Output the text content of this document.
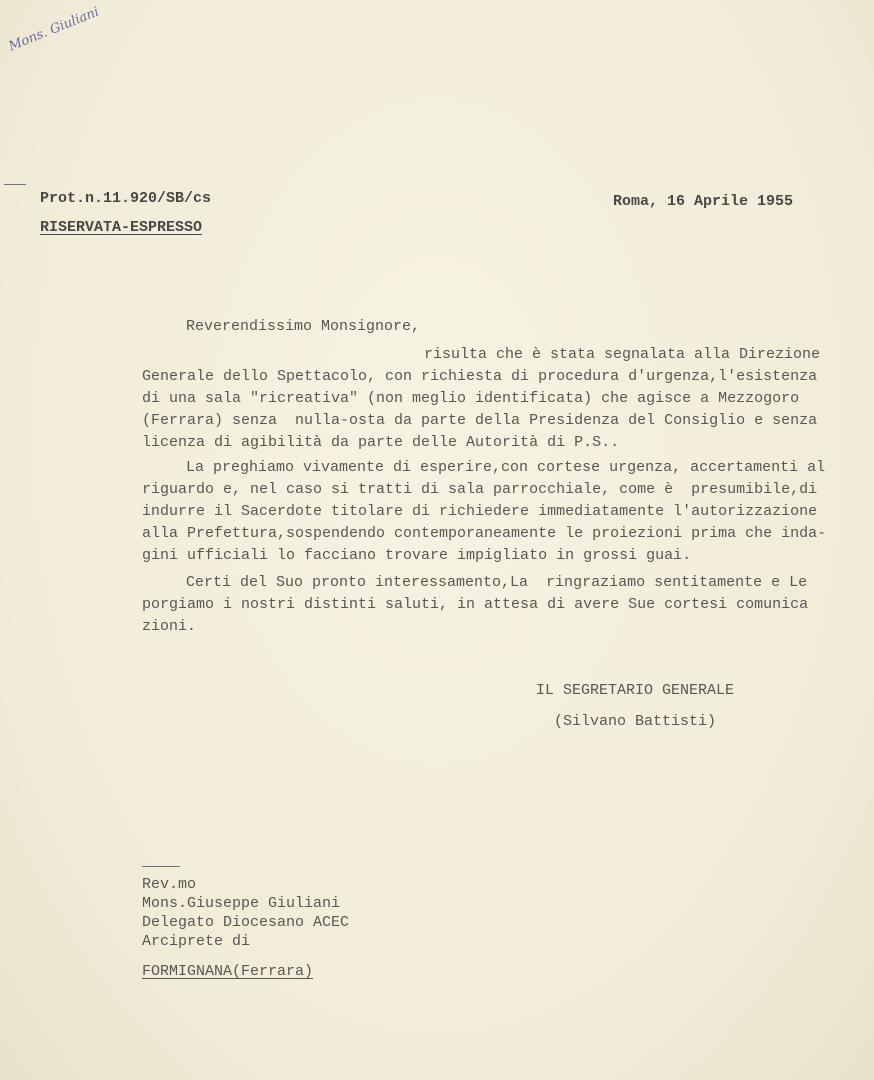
Mons. Giuliani
Prot.n.11.920/SB/cs
RISERVATA-ESPRESSO
Roma, 16 Aprile 1955
Reverendissimo Monsignore,
risulta che è stata segnalata alla Direzione
Generale dello Spettacolo, con richiesta di procedura d'urgenza,l'esistenza
di una sala "ricreativa" (non meglio identificata) che agisce a Mezzogoro
(Ferrara) senza  nulla-osta da parte della Presidenza del Consiglio e senza
licenza di agibilità da parte delle Autorità di P.S..
La preghiamo vivamente di esperire,con cortese urgenza, accertamenti al
riguardo e, nel caso si tratti di sala parrocchiale, come è  presumibile,di
indurre il Sacerdote titolare di richiedere immediatamente l'autorizzazione
alla Prefettura,sospendendo contemporaneamente le proiezioni prima che inda-
gini ufficiali lo facciano trovare impigliato in grossi guai.
Certi del Suo pronto interessamento,La  ringraziamo sentitamente e Le
porgiamo i nostri distinti saluti, in attesa di avere Sue cortesi comunica
zioni.
IL SEGRETARIO GENERALE
(Silvano Battisti)
Rev.mo
Mons.Giuseppe Giuliani
Delegato Diocesano ACEC
Arciprete di
FORMIGNANA(Ferrara)
